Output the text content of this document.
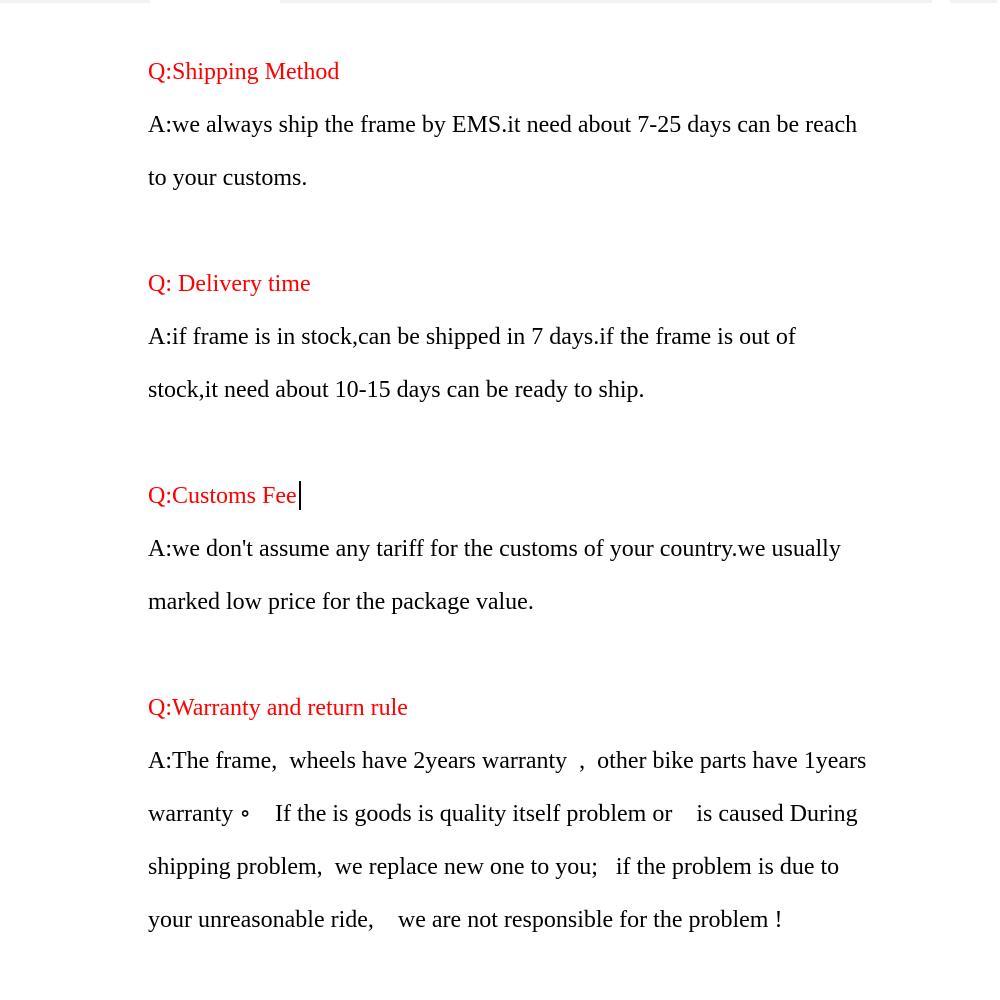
Q:Shipping Method
A:we always ship the frame by EMS.it need about 7-25 days can be reach
to your customs.
Q: Delivery time
A:if frame is in stock,can be shipped in 7 days.if the frame is out of
stock,it need about 10-15 days can be ready to ship.
Q:Customs Fee
A:we don't assume any tariff for the customs of your country.we usually
marked low price for the package value.
Q:Warranty and return rule
A:The frame,  wheels have 2years warranty  ,  other bike parts have 1years
warranty ∘    If the is goods is quality itself problem or    is caused During
shipping problem,  we replace new one to you;   if the problem is due to
your unreasonable ride,    we are not responsible for the problem !
